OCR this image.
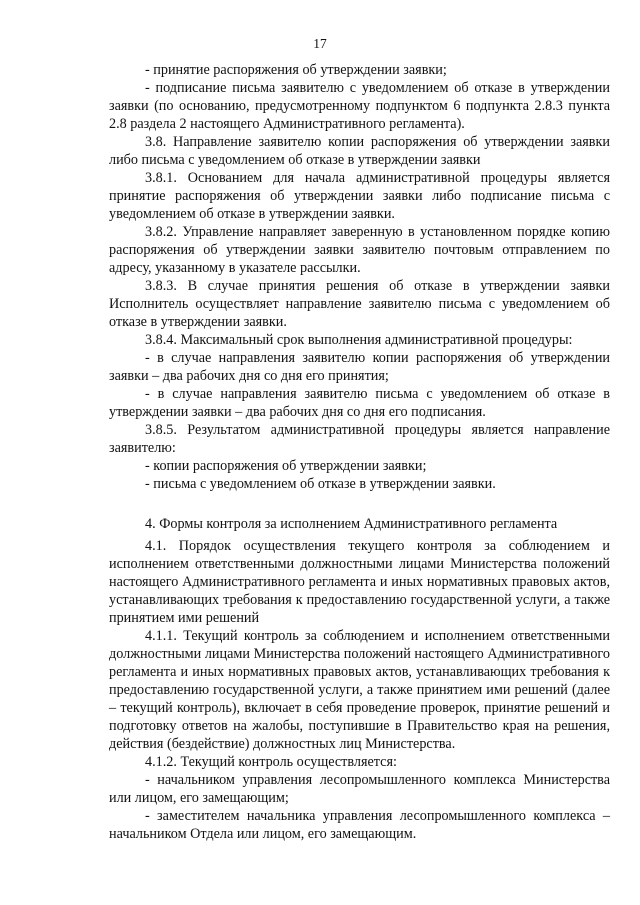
17

- принятие распоряжения об утверждении заявки;

- подписание письма заявителю с уведомлением об отказе в утверждении заявки (по основанию, предусмотренному подпунктом 6 подпункта 2.8.3 пункта 2.8 раздела 2 настоящего Административного регламента).

3.8. Направление заявителю копии распоряжения об утверждении заявки либо письма с уведомлением об отказе в утверждении заявки

3.8.1. Основанием для начала административной процедуры является принятие распоряжения об утверждении заявки либо подписание письма с уведомлением об отказе в утверждении заявки.

3.8.2. Управление направляет заверенную в установленном порядке копию распоряжения об утверждении заявки заявителю почтовым отправлением по адресу, указанному в указателе рассылки.

3.8.3. В случае принятия решения об отказе в утверждении заявки Исполнитель осуществляет направление заявителю письма с уведомлением об отказе в утверждении заявки.

3.8.4. Максимальный срок выполнения административной процедуры:

- в случае направления заявителю копии распоряжения об утверждении заявки – два рабочих дня со дня его принятия;

- в случае направления заявителю письма с уведомлением об отказе в утверждении заявки – два рабочих дня со дня его подписания.

3.8.5. Результатом административной процедуры является направление заявителю:

- копии распоряжения об утверждении заявки;

- письма с уведомлением об отказе в утверждении заявки.

4. Формы контроля за исполнением Административного регламента

4.1. Порядок осуществления текущего контроля за соблюдением и исполнением ответственными должностными лицами Министерства положений настоящего Административного регламента и иных нормативных правовых актов, устанавливающих требования к предоставлению государственной услуги, а также принятием ими решений

4.1.1. Текущий контроль за соблюдением и исполнением ответственными должностными лицами Министерства положений настоящего Административного регламента и иных нормативных правовых актов, устанавливающих требования к предоставлению государственной услуги, а также принятием ими решений (далее – текущий контроль), включает в себя проведение проверок, принятие решений и подготовку ответов на жалобы, поступившие в Правительство края на решения, действия (бездействие) должностных лиц Министерства.

4.1.2. Текущий контроль осуществляется:

- начальником управления лесопромышленного комплекса Министерства или лицом, его замещающим;

- заместителем начальника управления лесопромышленного комплекса – начальником Отдела или лицом, его замещающим.
